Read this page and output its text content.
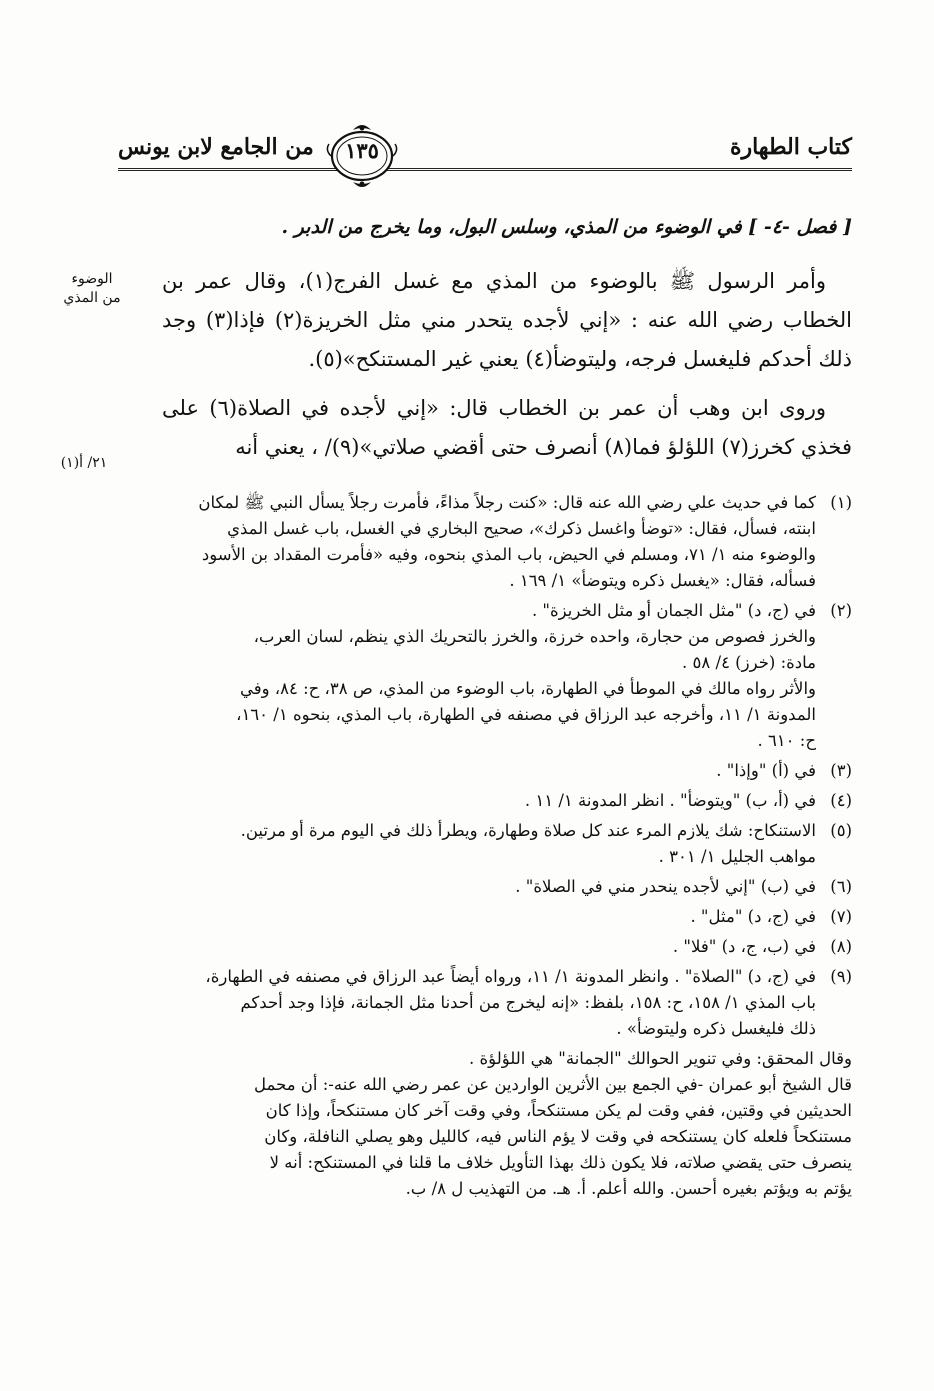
كتاب الطهارة
من الجامع لابن يونس	١٣٥
[ فصل -٤- ] في الوضوء من المذي، وسلس البول، وما يخرج من الدبر .
الوضوء من المذي
٢١/ أ(١)

وأمر الرسول ﷺ بالوضوء من المذي مع غسل الفرج(١)، وقال عمر بن الخطاب رضي الله عنه : «إني لأجده يتحدر مني مثل الخريزة(٢) فإذا(٣) وجد ذلك أحدكم فليغسل فرجه، وليتوضأ(٤) يعني غير المستنكح»(٥).

وروى ابن وهب أن عمر بن الخطاب قال: «إني لأجده في الصلاة(٦) على فخذي كخرز(٧) اللؤلؤ فما(٨) أنصرف حتى أقضي صلاتي»(٩)/ ، يعني أنه

(١)
كما في حديث علي رضي الله عنه قال: «كنت رجلاً مذاءً، فأمرت رجلاً يسأل النبي ﷺ لمكان
ابنته، فسأل، فقال: «توضأ واغسل ذكرك»، صحيح البخاري في الغسل، باب غسل المذي
والوضوء منه ١/ ٧١، ومسلم في الحيض، باب المذي بنحوه، وفيه «فأمرت المقداد بن الأسود
فسأله، فقال: «يغسل ذكره ويتوضأ» ١/ ١٦٩ .
(٢)
في (ج، د) "مثل الجمان أو مثل الخريزة" .
والخرز فصوص من حجارة، واحده خرزة، والخرز بالتحريك الذي ينظم، لسان العرب،
مادة: (خرز) ٤/ ٥٨ .
والأثر رواه مالك في الموطأ في الطهارة، باب الوضوء من المذي، ص ٣٨، ح: ٨٤، وفي
المدونة ١/ ١١، وأخرجه عبد الرزاق في مصنفه في الطهارة، باب المذي، بنحوه ١/ ١٦٠،
ح: ٦١٠ .
(٣)
في (أ) "وإذا" .
(٤)
في (أ، ب) "ويتوضأ" . انظر المدونة ١/ ١١ .
(٥)
الاستنكاح: شك يلازم المرء عند كل صلاة وطهارة، ويطرأ ذلك في اليوم مرة أو مرتين.
مواهب الجليل ١/ ٣٠١ .
(٦)
في (ب) "إني لأجده ينحدر مني في الصلاة" .
(٧)
في (ج، د) "مثل" .
(٨)
في (ب، ج، د) "فلا" .
(٩)
في (ج، د) "الصلاة" . وانظر المدونة ١/ ١١، ورواه أيضاً عبد الرزاق في مصنفه في الطهارة،
باب المذي ١/ ١٥٨، ح: ١٥٨، بلفظ: «إنه ليخرج من أحدنا مثل الجمانة، فإذا وجد أحدكم
ذلك فليغسل ذكره وليتوضأ» .
وقال المحقق: وفي تنوير الحوالك "الجمانة" هي اللؤلؤة .
قال الشيخ أبو عمران -في الجمع بين الأثرين الواردين عن عمر رضي الله عنه-: أن محمل
الحديثين في وقتين، ففي وقت لم يكن مستنكحاً، وفي وقت آخر كان مستنكحاً، وإذا كان
مستنكحاً فلعله كان يستنكحه في وقت لا يؤم الناس فيه، كالليل وهو يصلي النافلة، وكان
ينصرف حتى يقضي صلاته، فلا يكون ذلك بهذا التأويل خلاف ما قلنا في المستنكح: أنه لا
يؤتم به ويؤتم بغيره أحسن. والله أعلم. أ. هـ. من التهذيب ل ٨/ ب.
